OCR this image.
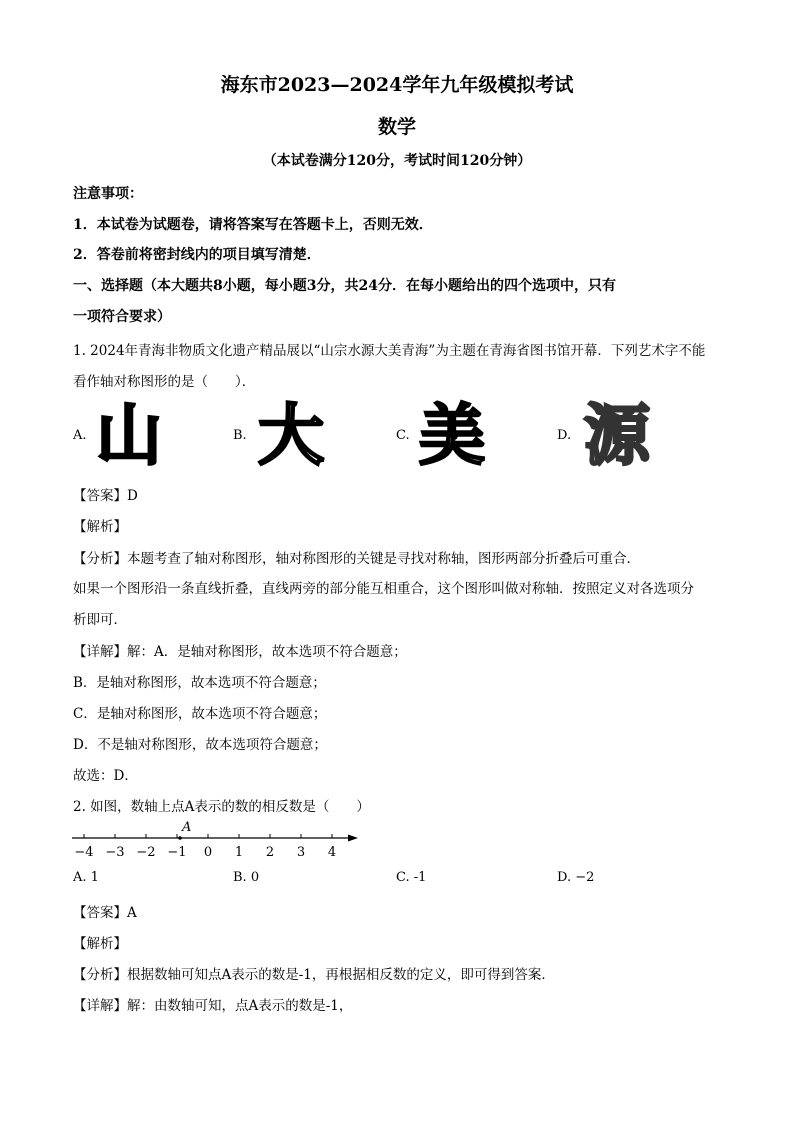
海东市2023—2024学年九年级模拟考试
数学
（本试卷满分120分，考试时间120分钟）
注意事项：
1．本试卷为试题卷，请将答案写在答题卡上，否则无效．
2．答卷前将密封线内的项目填写清楚．
一、选择题（本大题共8小题，每小题3分，共24分．在每小题给出的四个选项中，只有
一项符合要求）
1. 2024年青海非物质文化遗产精品展以“山宗水源大美青海”为主题在青海省图书馆开幕．下列艺术字不能
看作轴对称图形的是（　　）．
A. 山	B. 大	C. 美	D. 源
【答案】D
【解析】
【分析】本题考查了轴对称图形，轴对称图形的关键是寻找对称轴，图形两部分折叠后可重合．
如果一个图形沿一条直线折叠，直线两旁的部分能互相重合，这个图形叫做对称轴．按照定义对各选项分
析即可．
【详解】解：A．是轴对称图形，故本选项不符合题意；
B．是轴对称图形，故本选项不符合题意；
C．是轴对称图形，故本选项不符合题意；
D．不是轴对称图形，故本选项符合题意；
故选：D．
2. 如图，数轴上点A表示的数的相反数是（　　）
−4 −3 −2 −1 0 1 2 3 4
A
A. 1	B. 0	C. -1	D. −2
【答案】A
【解析】
【分析】根据数轴可知点A表示的数是-1，再根据相反数的定义，即可得到答案．
【详解】解：由数轴可知，点A表示的数是-1，
